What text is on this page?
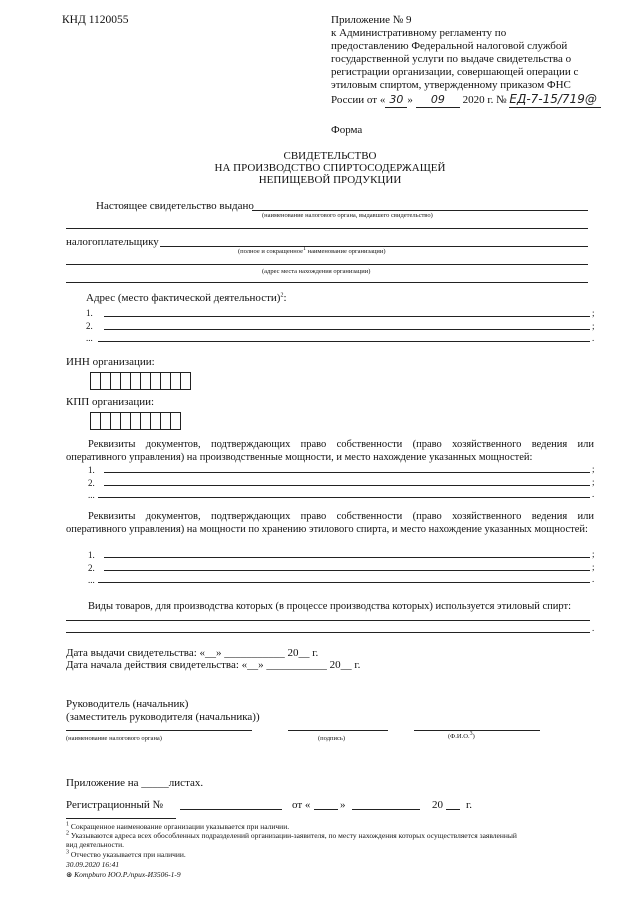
КНД 1120055	Приложение № 9
к Административному регламенту по
предоставлению Федеральной налоговой службой
государственной услуги по выдаче свидетельства о
регистрации организации, совершающей операции с
этиловым спиртом, утвержденному приказом ФНС
России от « 30 » 09 2020 г. № ЕД-7-15/719@
Форма
СВИДЕТЕЛЬСТВО
НА ПРОИЗВОДСТВО СПИРТОСОДЕРЖАЩЕЙ
НЕПИЩЕВОЙ ПРОДУКЦИИ
Настоящее свидетельство выдано
(наименование налогового органа, выдавшего свидетельство)
налогоплательщику
(полное и сокращенное$^1$ наименование организации)
(адрес места нахождения организации)
Адрес (место фактической деятельности)$^2$:
1.	;
2.	;
...	.
ИНН организации:
КПП организации:
Реквизиты документов, подтверждающих право собственности (право хозяйственного ведения или оперативного управления) на производственные мощности, и место нахождение указанных мощностей:
1.	;
2.	;
...	.
Реквизиты документов, подтверждающих право собственности (право хозяйственного ведения или оперативного управления) на мощности по хранению этилового спирта, и место нахождение указанных мощностей:
1.	;
2.	;
...	.
Виды товаров, для производства которых (в процессе производства которых) используется этиловый спирт:
.
Дата выдачи свидетельства: «__» ___________ 20__ г.
Дата начала действия свидетельства: «__» ___________ 20__ г.
Руководитель (начальник)
(заместитель руководителя (начальника))
(наименование налогового органа)	(подпись)	(Ф.И.О.$^3$)
Приложение на _____листах.
Регистрационный №	от «	»	20 г.
$^1$ Сокращенное наименование организации указывается при наличии.
$^2$ Указываются адреса всех обособленных подразделений организации-заявителя, по месту нахождения которых осуществляется заявленный
вид деятельности.
$^3$ Отчество указывается при наличии.
30.09.2020 16:41
⊛ Kompburo ЮО.Р./прих-И3506-1-9
